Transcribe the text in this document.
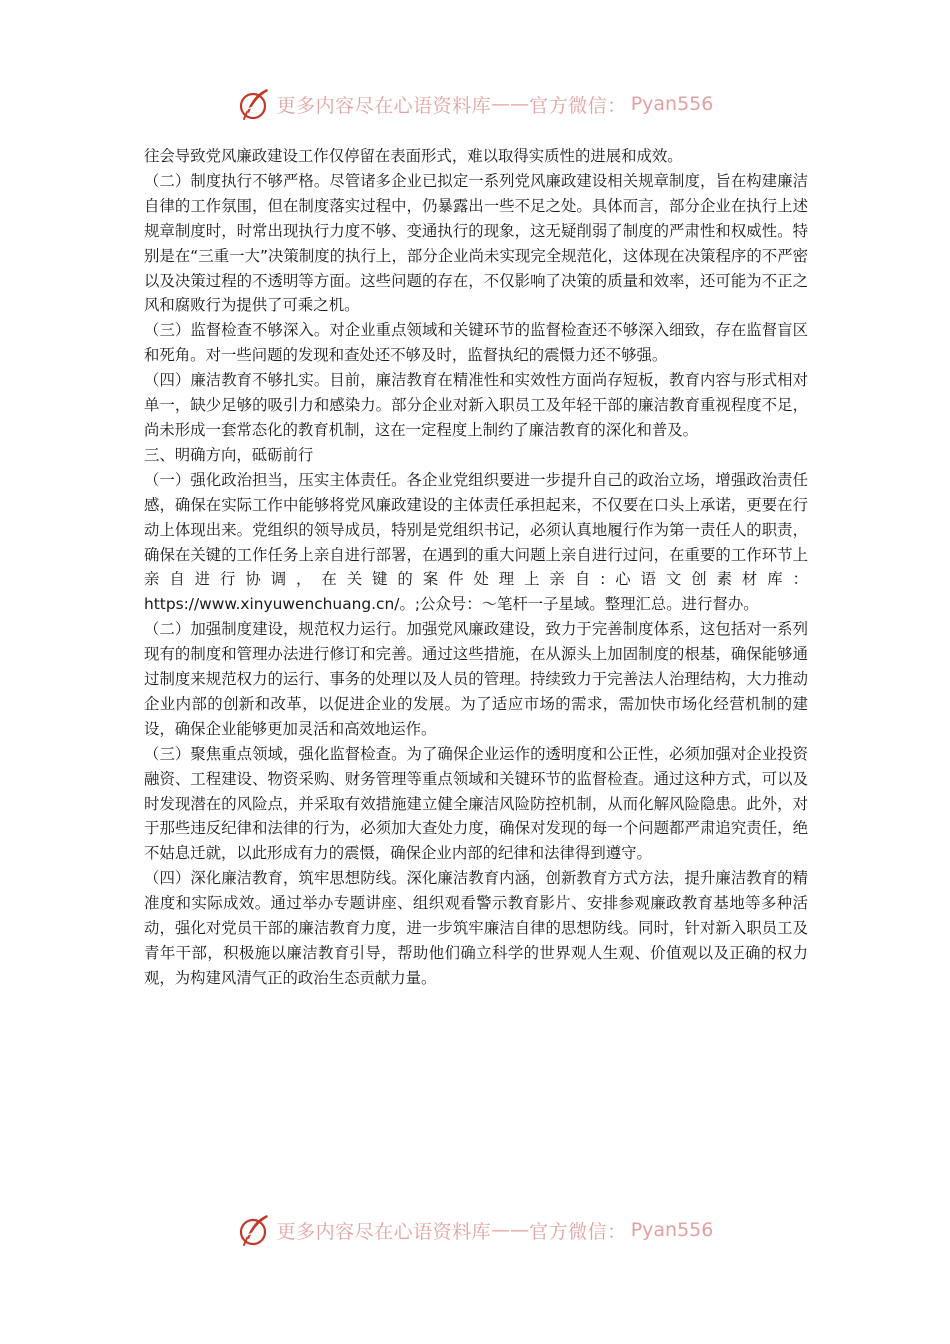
更多内容尽在心语资料库 —— 官方微信： Pyan556

往会导致党风廉政建设工作仅停留在表面形式，难以取得实质性的进展和成效。

（二）制度执行不够严格。尽管诸多企业已拟定一系列党风廉政建设相关规章制度，旨在构建廉洁自律的工作氛围，但在制度落实过程中，仍暴露出一些不足之处。具体而言，部分企业在执行上述规章制度时，时常出现执行力度不够、变通执行的现象，这无疑削弱了制度的严肃性和权威性。特别是在“三重一大”决策制度的执行上，部分企业尚未实现完全规范化，这体现在决策程序的不严密以及决策过程的不透明等方面。这些问题的存在，不仅影响了决策的质量和效率，还可能为不正之风和腐败行为提供了可乘之机。

（三）监督检查不够深入。对企业重点领域和关键环节的监督检查还不够深入细致，存在监督盲区和死角。对一些问题的发现和查处还不够及时，监督执纪的震慑力还不够强。

（四）廉洁教育不够扎实。目前，廉洁教育在精准性和实效性方面尚存短板，教育内容与形式相对单一，缺少足够的吸引力和感染力。部分企业对新入职员工及年轻干部的廉洁教育重视程度不足，尚未形成一套常态化的教育机制，这在一定程度上制约了廉洁教育的深化和普及。

三、明确方向，砥砺前行

（一）强化政治担当，压实主体责任。各企业党组织要进一步提升自己的政治立场，增强政治责任感，确保在实际工作中能够将党风廉政建设的主体责任承担起来，不仅要在口头上承诺，更要在行动上体现出来。党组织的领导成员，特别是党组织书记，必须认真地履行作为第一责任人的职责，确保在关键的工作任务上亲自进行部署，在遇到的重大问题上亲自进行过问，在重要的工作环节上亲自进行协调，在关键的案件处理上亲自:心语文创素材库：https://www.xinyuwenchuang.cn/。;公众号：～笔杆一子星域。整理汇总。进行督办。

（二）加强制度建设，规范权力运行。加强党风廉政建设，致力于完善制度体系，这包括对一系列现有的制度和管理办法进行修订和完善。通过这些措施，在从源头上加固制度的根基，确保能够通过制度来规范权力的运行、事务的处理以及人员的管理。持续致力于完善法人治理结构，大力推动企业内部的创新和改革，以促进企业的发展。为了适应市场的需求，需加快市场化经营机制的建设，确保企业能够更加灵活和高效地运作。

（三）聚焦重点领域，强化监督检查。为了确保企业运作的透明度和公正性，必须加强对企业投资融资、工程建设、物资采购、财务管理等重点领域和关键环节的监督检查。通过这种方式，可以及时发现潜在的风险点，并采取有效措施建立健全廉洁风险防控机制，从而化解风险隐患。此外，对于那些违反纪律和法律的行为，必须加大查处力度，确保对发现的每一个问题都严肃追究责任，绝不姑息迁就，以此形成有力的震慑，确保企业内部的纪律和法律得到遵守。

（四）深化廉洁教育，筑牢思想防线。深化廉洁教育内涵，创新教育方式方法，提升廉洁教育的精准度和实际成效。通过举办专题讲座、组织观看警示教育影片、安排参观廉政教育基地等多种活动，强化对党员干部的廉洁教育力度，进一步筑牢廉洁自律的思想防线。同时，针对新入职员工及青年干部，积极施以廉洁教育引导，帮助他们确立科学的世界观人生观、价值观以及正确的权力观，为构建风清气正的政治生态贡献力量。

更多内容尽在心语资料库 —— 官方微信： Pyan556
